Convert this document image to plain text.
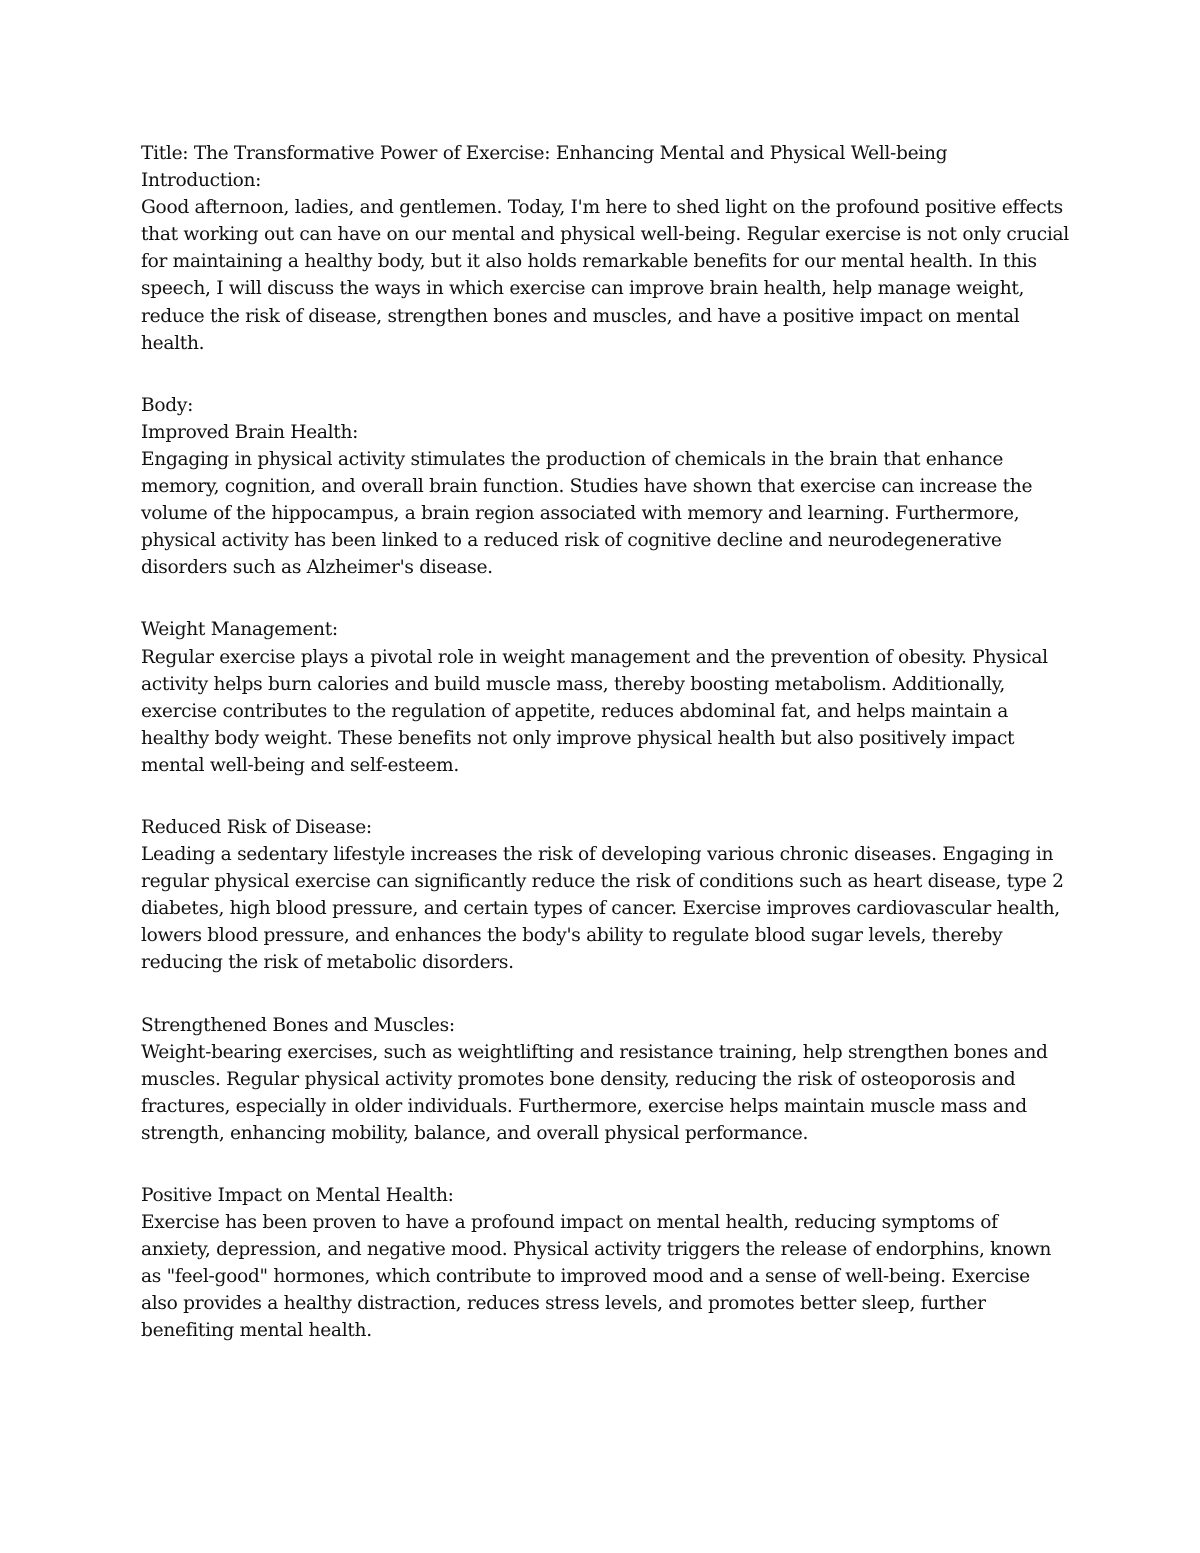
Title: The Transformative Power of Exercise: Enhancing Mental and Physical Well-being

Introduction:

Good afternoon, ladies, and gentlemen. Today, I'm here to shed light on the profound positive effects that working out can have on our mental and physical well-being. Regular exercise is not only crucial for maintaining a healthy body, but it also holds remarkable benefits for our mental health. In this speech, I will discuss the ways in which exercise can improve brain health, help manage weight, reduce the risk of disease, strengthen bones and muscles, and have a positive impact on mental health.

Body:

Improved Brain Health:

Engaging in physical activity stimulates the production of chemicals in the brain that enhance memory, cognition, and overall brain function. Studies have shown that exercise can increase the volume of the hippocampus, a brain region associated with memory and learning. Furthermore, physical activity has been linked to a reduced risk of cognitive decline and neurodegenerative disorders such as Alzheimer's disease.

Weight Management:

Regular exercise plays a pivotal role in weight management and the prevention of obesity. Physical activity helps burn calories and build muscle mass, thereby boosting metabolism. Additionally, exercise contributes to the regulation of appetite, reduces abdominal fat, and helps maintain a healthy body weight. These benefits not only improve physical health but also positively impact mental well-being and self-esteem.

Reduced Risk of Disease:

Leading a sedentary lifestyle increases the risk of developing various chronic diseases. Engaging in regular physical exercise can significantly reduce the risk of conditions such as heart disease, type 2 diabetes, high blood pressure, and certain types of cancer. Exercise improves cardiovascular health, lowers blood pressure, and enhances the body's ability to regulate blood sugar levels, thereby reducing the risk of metabolic disorders.

Strengthened Bones and Muscles:

Weight-bearing exercises, such as weightlifting and resistance training, help strengthen bones and muscles. Regular physical activity promotes bone density, reducing the risk of osteoporosis and fractures, especially in older individuals. Furthermore, exercise helps maintain muscle mass and strength, enhancing mobility, balance, and overall physical performance.

Positive Impact on Mental Health:

Exercise has been proven to have a profound impact on mental health, reducing symptoms of anxiety, depression, and negative mood. Physical activity triggers the release of endorphins, known as "feel-good" hormones, which contribute to improved mood and a sense of well-being. Exercise also provides a healthy distraction, reduces stress levels, and promotes better sleep, further benefiting mental health.
